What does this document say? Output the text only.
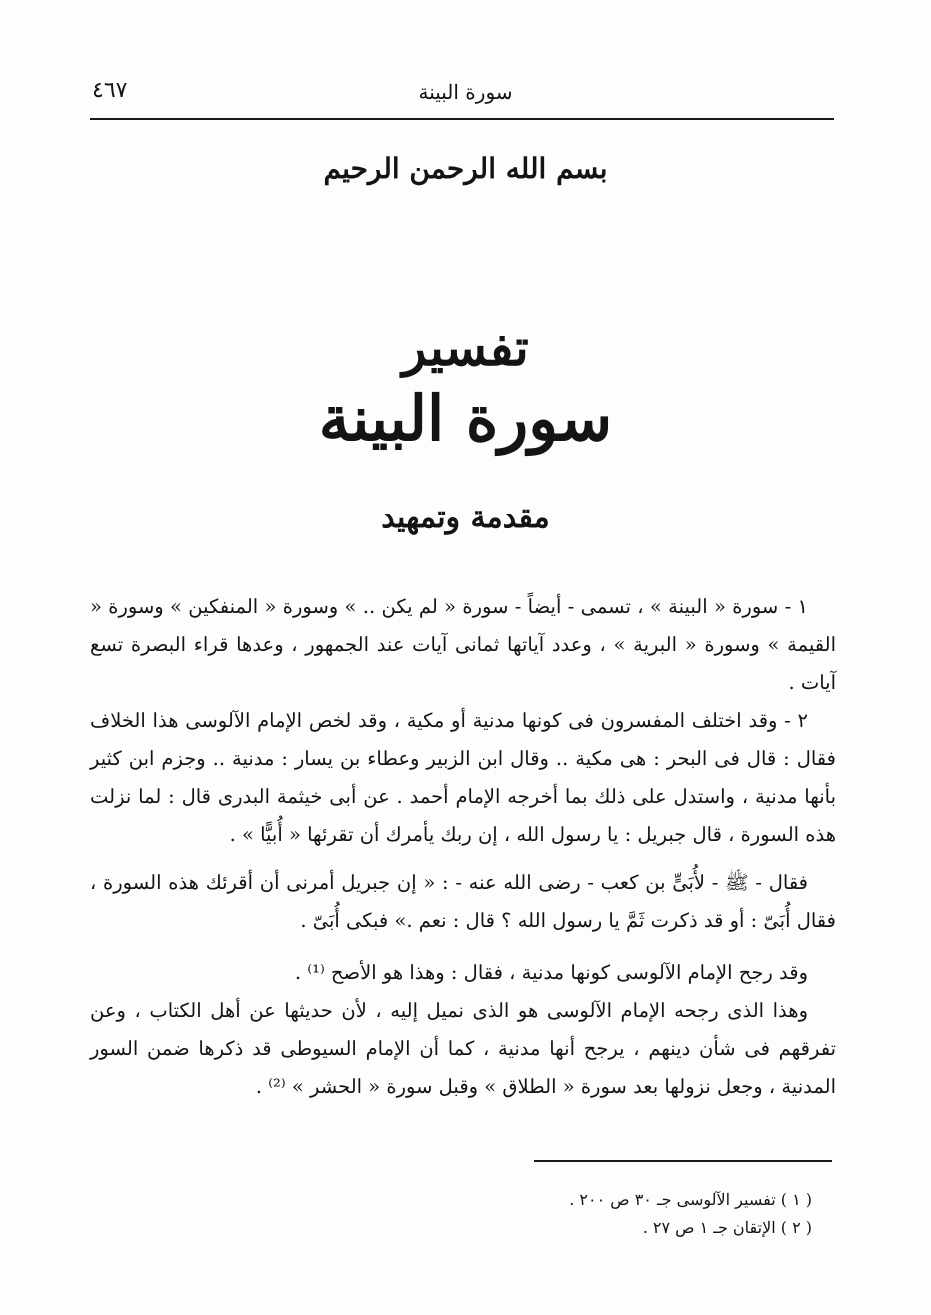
٤٦٧	سورة البينة
بسم الله الرحمن الرحيم
تفسير
سورة البينة
مقدمة وتمهيد

١ - سورة « البينة » ، تسمى - أيضاً - سورة « لم يكن .. » وسورة « المنفكين » وسورة « القيمة » وسورة « البرية » ، وعدد آياتها ثمانى آيات عند الجمهور ، وعدها قراء البصرة تسع آيات .

٢ - وقد اختلف المفسرون فى كونها مدنية أو مكية ، وقد لخص الإمام الآلوسى هذا الخلاف فقال : قال فى البحر : هى مكية .. وقال ابن الزبير وعطاء بن يسار : مدنية .. وجزم ابن كثير بأنها مدنية ، واستدل على ذلك بما أخرجه الإمام أحمد . عن أبى خيثمة البدرى قال : لما نزلت هذه السورة ، قال جبريل : يا رسول الله ، إن ربك يأمرك أن تقرئها « أُبيًّا » .

فقال - ﷺ - لأُبَىٍّ بن كعب - رضى الله عنه - : « إن جبريل أمرنى أن أقرئك هذه السورة ، فقال أُبَىّ : أو قد ذكرت ثَمَّ يا رسول الله ؟ قال : نعم .» فبكى أُبَىّ .

وقد رجح الإمام الآلوسى كونها مدنية ، فقال : وهذا هو الأصح ⁽¹⁾ .

وهذا الذى رجحه الإمام الآلوسى هو الذى نميل إليه ، لأن حديثها عن أهل الكتاب ، وعن تفرقهم فى شأن دينهم ، يرجح أنها مدنية ، كما أن الإمام السيوطى قد ذكرها ضمن السور المدنية ، وجعل نزولها بعد سورة « الطلاق » وقبل سورة « الحشر » ⁽²⁾ .

( ١ ) تفسير الآلوسى جـ ٣٠ ص ٢٠٠ .
( ٢ ) الإتقان جـ ١ ص ٢٧ .
